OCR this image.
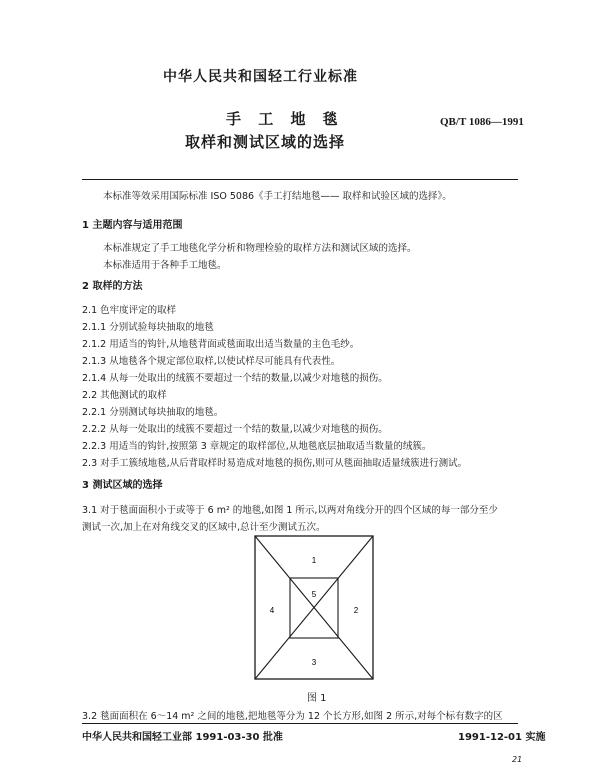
中华人民共和国轻工行业标准
手 工 地 毯
取样和测试区域的选择
QB/T 1086—1991
本标准等效采用国际标准 ISO 5086《手工打结地毯—— 取样和试验区域的选择》。
1 主题内容与适用范围
本标准规定了手工地毯化学分析和物理检验的取样方法和测试区域的选择。
本标准适用于各种手工地毯。
2 取样的方法
2.1 色牢度评定的取样
2.1.1 分别试验每块抽取的地毯
2.1.2 用适当的钩针,从地毯背面或毯面取出适当数量的主色毛纱。
2.1.3 从地毯各个规定部位取样,以使试样尽可能具有代表性。
2.1.4 从每一处取出的绒簇不要超过一个结的数量,以减少对地毯的损伤。
2.2 其他测试的取样
2.2.1 分别测试每块抽取的地毯。
2.2.2 从每一处取出的绒簇不要超过一个结的数量,以减少对地毯的损伤。
2.2.3 用适当的钩针,按照第 3 章规定的取样部位,从地毯底层抽取适当数量的绒簇。
2.3 对手工簇绒地毯,从后背取样时易造成对地毯的损伤,则可从毯面抽取适量绒簇进行测试。
3 测试区域的选择
3.1 对于毯面面积小于或等于 6 m² 的地毯,如图 1 所示,以两对角线分开的四个区域的每一部分至少
测试一次,加上在对角线交叉的区域中,总计至少测试五次。
1
2
3
4
5
图 1
3.2 毯面面积在 6～14 m² 之间的地毯,把地毯等分为 12 个长方形,如图 2 所示,对每个标有数字的区
中华人民共和国轻工业部 1991-03-30 批准	1991-12-01 实施
21
